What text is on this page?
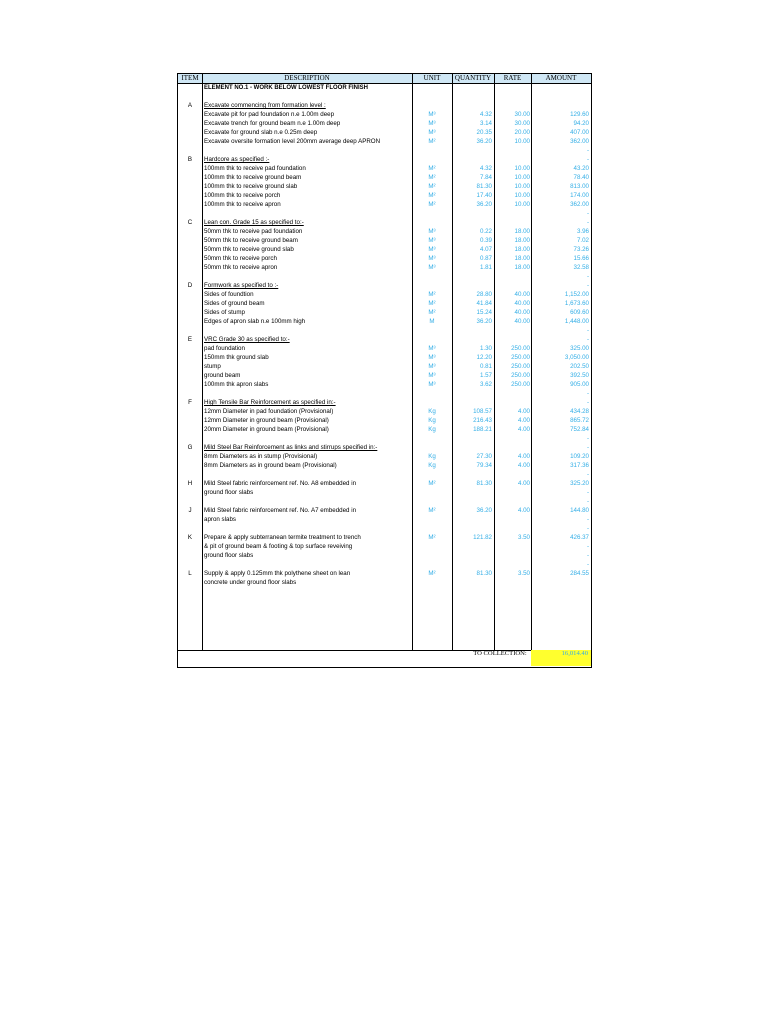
ITEM	DESCRIPTION	UNIT	QUANTITY	RATE	AMOUNT
ELEMENT NO.1 - WORK BELOW LOWEST FLOOR FINISH
A	Excavate commencing from formation level :
Excavate pit for pad foundation n.e 1.00m deep	M³	4.32	30.00	129.60
Excavate trench for ground beam n.e 1.00m deep	M³	3.14	30.00	94.20
Excavate for ground slab n.e 0.25m deep	M³	20.35	20.00	407.00
Excavate oversite formation level 200mm average deep APRON	M²	36.20	10.00	362.00
-
B	Hardcore as specified :-	-
100mm thk to receive pad foundation	M²	4.32	10.00	43.20
100mm thk to receive ground beam	M²	7.84	10.00	78.40
100mm thk to receive ground slab	M²	81.30	10.00	813.00
100mm thk to receive porch	M²	17.40	10.00	174.00
100mm thk to receive apron	M²	36.20	10.00	362.00
-
C	Lean con. Grade 15 as specified to:-	-
50mm thk to receive pad foundation	M³	0.22	18.00	3.96
50mm thk to receive ground beam	M³	0.39	18.00	7.02
50mm thk to receive ground slab	M³	4.07	18.00	73.26
50mm thk to receive porch	M³	0.87	18.00	15.66
50mm thk to receive apron	M³	1.81	18.00	32.58
-
D	Formwork as specified to :-	-
Sides of foundtion	M²	28.80	40.00	1,152.00
Sides of ground beam	M²	41.84	40.00	1,673.60
Sides of stump	M²	15.24	40.00	609.60
Edges of apron slab n.e 100mm high	M	36.20	40.00	1,448.00
-
E	VRC Grade 30 as specified to:-	-
pad foundation	M³	1.30	250.00	325.00
150mm thk ground slab	M³	12.20	250.00	3,050.00
stump	M³	0.81	250.00	202.50
ground beam	M³	1.57	250.00	392.50
100mm thk apron slabs	M³	3.62	250.00	905.00
-
F	High Tensile Bar Reinforcement as specified in:-	-
12mm Diameter in pad foundation (Provisional)	Kg	108.57	4.00	434.28
12mm Diameter in ground beam (Provisional)	Kg	216.43	4.00	865.72
20mm Diameter in ground beam (Provisional)	Kg	188.21	4.00	752.84
-
G	Mild Steel Bar Reinforcement as links and stirrups specified in:-	-
8mm Diameters as in stump (Provisional)	Kg	27.30	4.00	109.20
8mm Diameters as in ground beam (Provisional)	Kg	79.34	4.00	317.36
-
H	Mild Steel fabric reinforcement ref. No. A8 embedded in	M²	81.30	4.00	325.20
ground floor slabs	-
-
J	Mild Steel fabric reinforcement ref. No. A7 embedded in	M²	36.20	4.00	144.80
apron slabs	-
-
K	Prepare & apply subterranean termite treatment to trench	M²	121.82	3.50	426.37
& pit of ground beam & footing & top surface reveiving	-
ground floor slabs	-
-
L	Supply & apply 0.125mm thk polythene sheet on lean	M²	81.30	3.50	284.55
concrete under ground floor slabs
TO COLLECTION:	16,014.40
